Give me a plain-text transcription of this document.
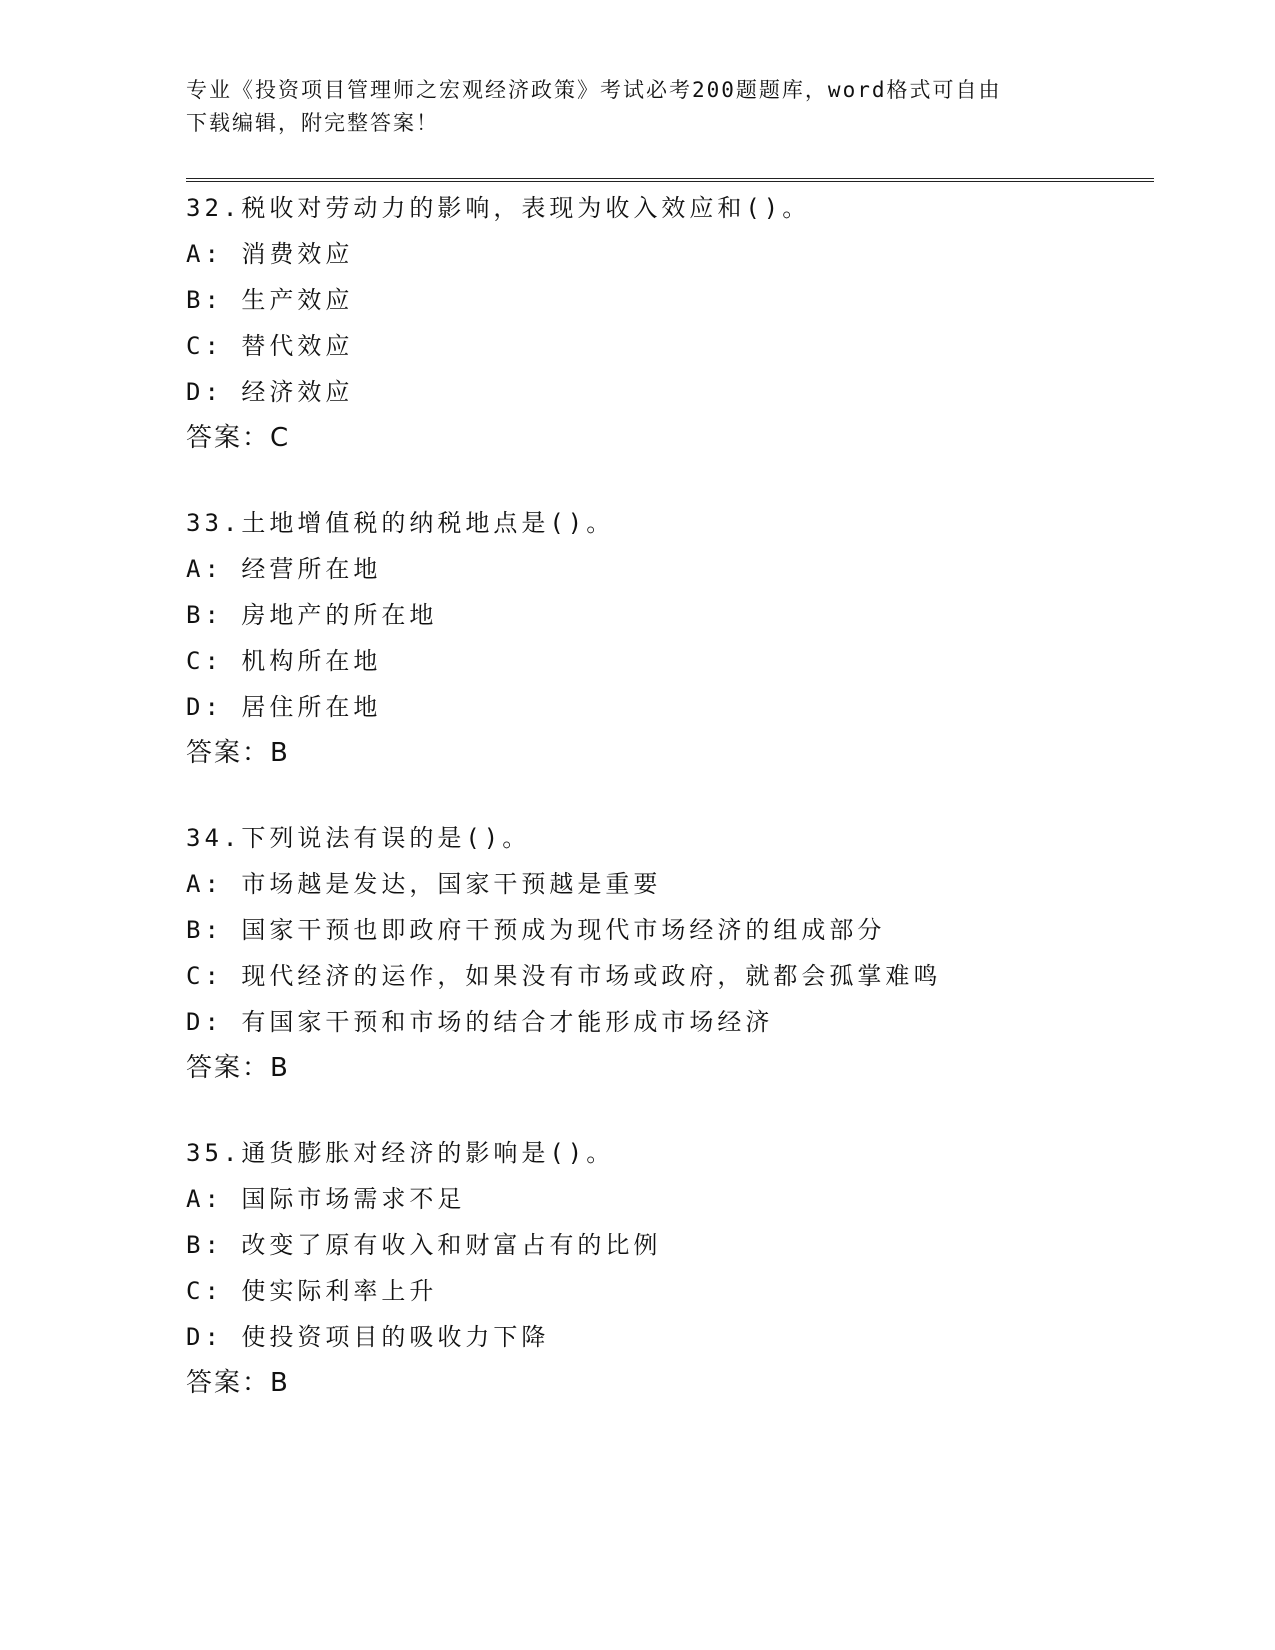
专业《投资项目管理师之宏观经济政策》考试必考200题题库，word格式可自由
下载编辑，附完整答案！
32.税收对劳动力的影响，表现为收入效应和()。
A: 消费效应
B: 生产效应
C: 替代效应
D: 经济效应
答案：C
33.土地增值税的纳税地点是()。
A: 经营所在地
B: 房地产的所在地
C: 机构所在地
D: 居住所在地
答案：B
34.下列说法有误的是()。
A: 市场越是发达，国家干预越是重要
B: 国家干预也即政府干预成为现代市场经济的组成部分
C: 现代经济的运作，如果没有市场或政府，就都会孤掌难鸣
D: 有国家干预和市场的结合才能形成市场经济
答案：B
35.通货膨胀对经济的影响是()。
A: 国际市场需求不足
B: 改变了原有收入和财富占有的比例
C: 使实际利率上升
D: 使投资项目的吸收力下降
答案：B
